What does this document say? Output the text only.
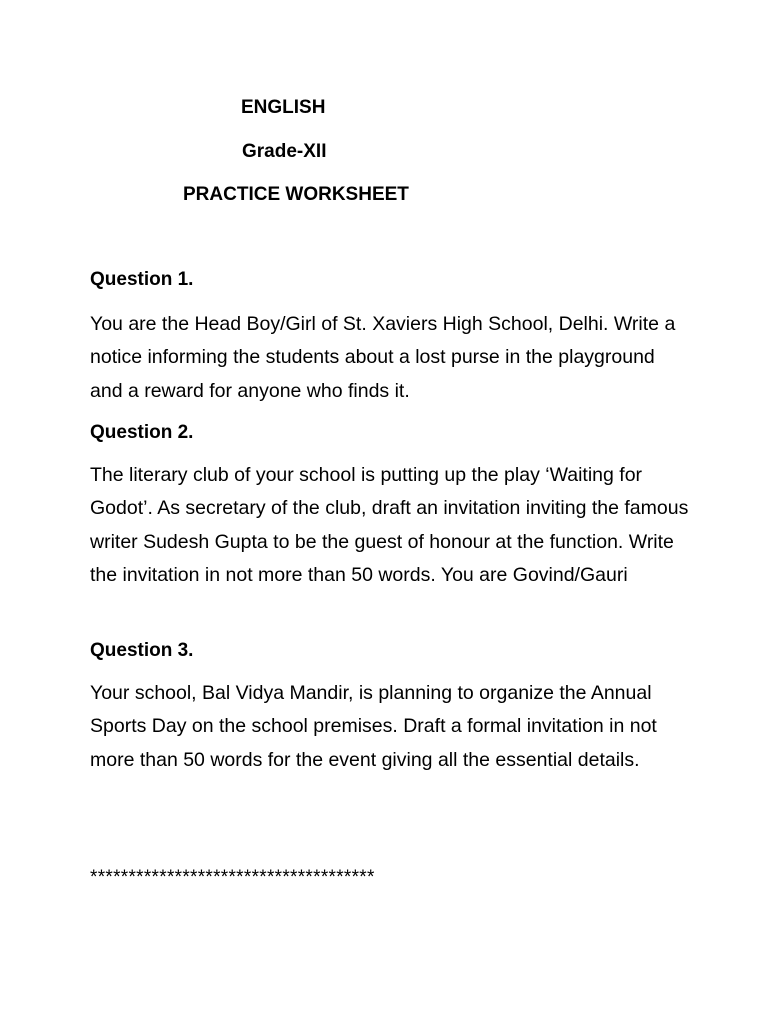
ENGLISH
Grade-XII
PRACTICE WORKSHEET
Question 1.
You are the Head Boy/Girl of St. Xaviers High School, Delhi. Write a notice informing the students about a lost purse in the playground and a reward for anyone who finds it.
Question 2.
The literary club of your school is putting up the play ‘Waiting for Godot’. As secretary of the club, draft an invitation inviting the famous writer Sudesh Gupta to be the guest of honour at the function. Write the invitation in not more than 50 words. You are Govind/Gauri
Question 3.
Your school, Bal Vidya Mandir, is planning to organize the Annual Sports Day on the school premises. Draft a formal invitation in not more than 50 words for the event giving all the essential details.
*************************************
